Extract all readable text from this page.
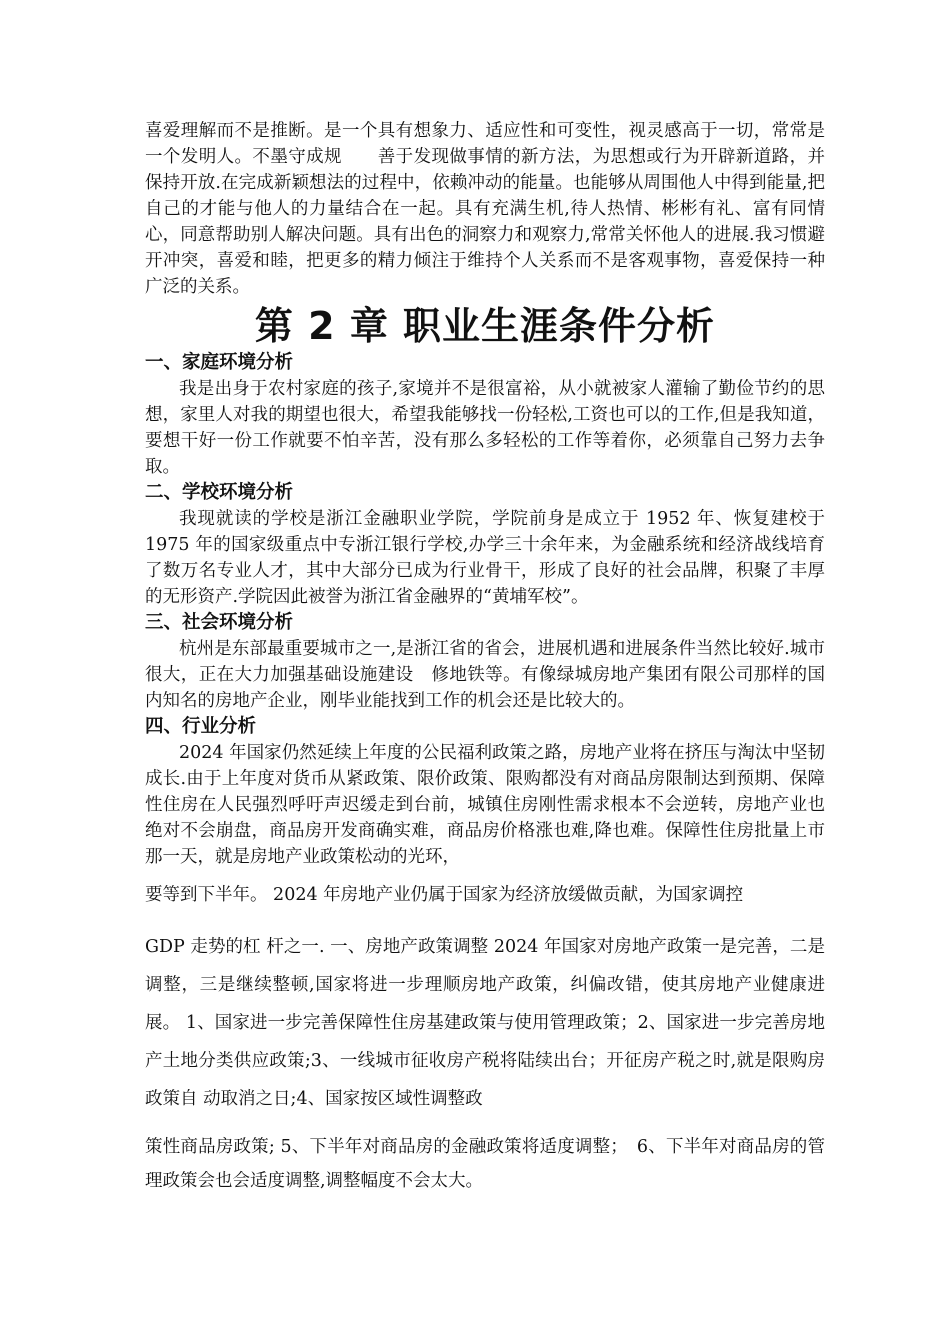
喜爱理解而不是推断。是一个具有想象力、适应性和可变性，视灵感高于一切，常常是一个发明人。不墨守成规　　善于发现做事情的新方法，为思想或行为开辟新道路，并保持开放.在完成新颖想法的过程中，依赖冲动的能量。也能够从周围他人中得到能量,把自己的才能与他人的力量结合在一起。具有充满生机,待人热情、彬彬有礼、富有同情心，同意帮助别人解决问题。具有出色的洞察力和观察力,常常关怀他人的进展.我习惯避开冲突，喜爱和睦，把更多的精力倾注于维持个人关系而不是客观事物，喜爱保持一种广泛的关系。

第 2 章 职业生涯条件分析
一、家庭环境分析

我是出身于农村家庭的孩子,家境并不是很富裕，从小就被家人灌输了勤俭节约的思想，家里人对我的期望也很大，希望我能够找一份轻松,工资也可以的工作,但是我知道，要想干好一份工作就要不怕辛苦，没有那么多轻松的工作等着你，必须靠自己努力去争取。

二、学校环境分析

我现就读的学校是浙江金融职业学院，学院前身是成立于 1952 年、恢复建校于 1975 年的国家级重点中专浙江银行学校,办学三十余年来，为金融系统和经济战线培育了数万名专业人才，其中大部分已成为行业骨干，形成了良好的社会品牌，积聚了丰厚的无形资产.学院因此被誉为浙江省金融界的“黄埔军校”。

三、社会环境分析

杭州是东部最重要城市之一,是浙江省的省会，进展机遇和进展条件当然比较好.城市很大，正在大力加强基础设施建设　修地铁等。有像绿城房地产集团有限公司那样的国内知名的房地产企业，刚毕业能找到工作的机会还是比较大的。

四、行业分析

2024 年国家仍然延续上年度的公民福利政策之路，房地产业将在挤压与淘汰中坚韧成长.由于上年度对货币从紧政策、限价政策、限购都没有对商品房限制达到预期、保障性住房在人民强烈呼吁声迟缓走到台前，城镇住房刚性需求根本不会逆转，房地产业也绝对不会崩盘，商品房开发商确实难，商品房价格涨也难,降也难。保障性住房批量上市那一天，就是房地产业政策松动的光环，

要等到下半年。 2024 年房地产业仍属于国家为经济放缓做贡献，为国家调控

GDP 走势的杠 杆之一. 一、房地产政策调整 2024 年国家对房地产政策一是完善，二是调整，三是继续整顿,国家将进一步理顺房地产政策，纠偏改错，使其房地产业健康进展。 1、国家进一步完善保障性住房基建政策与使用管理政策；2、国家进一步完善房地产土地分类供应政策;3、一线城市征收房产税将陆续出台；开征房产税之时,就是限购房政策自 动取消之日;4、国家按区域性调整政

策性商品房政策; 5、下半年对商品房的金融政策将适度调整；　6、下半年对商品房的管理政策会也会适度调整,调整幅度不会太大。
